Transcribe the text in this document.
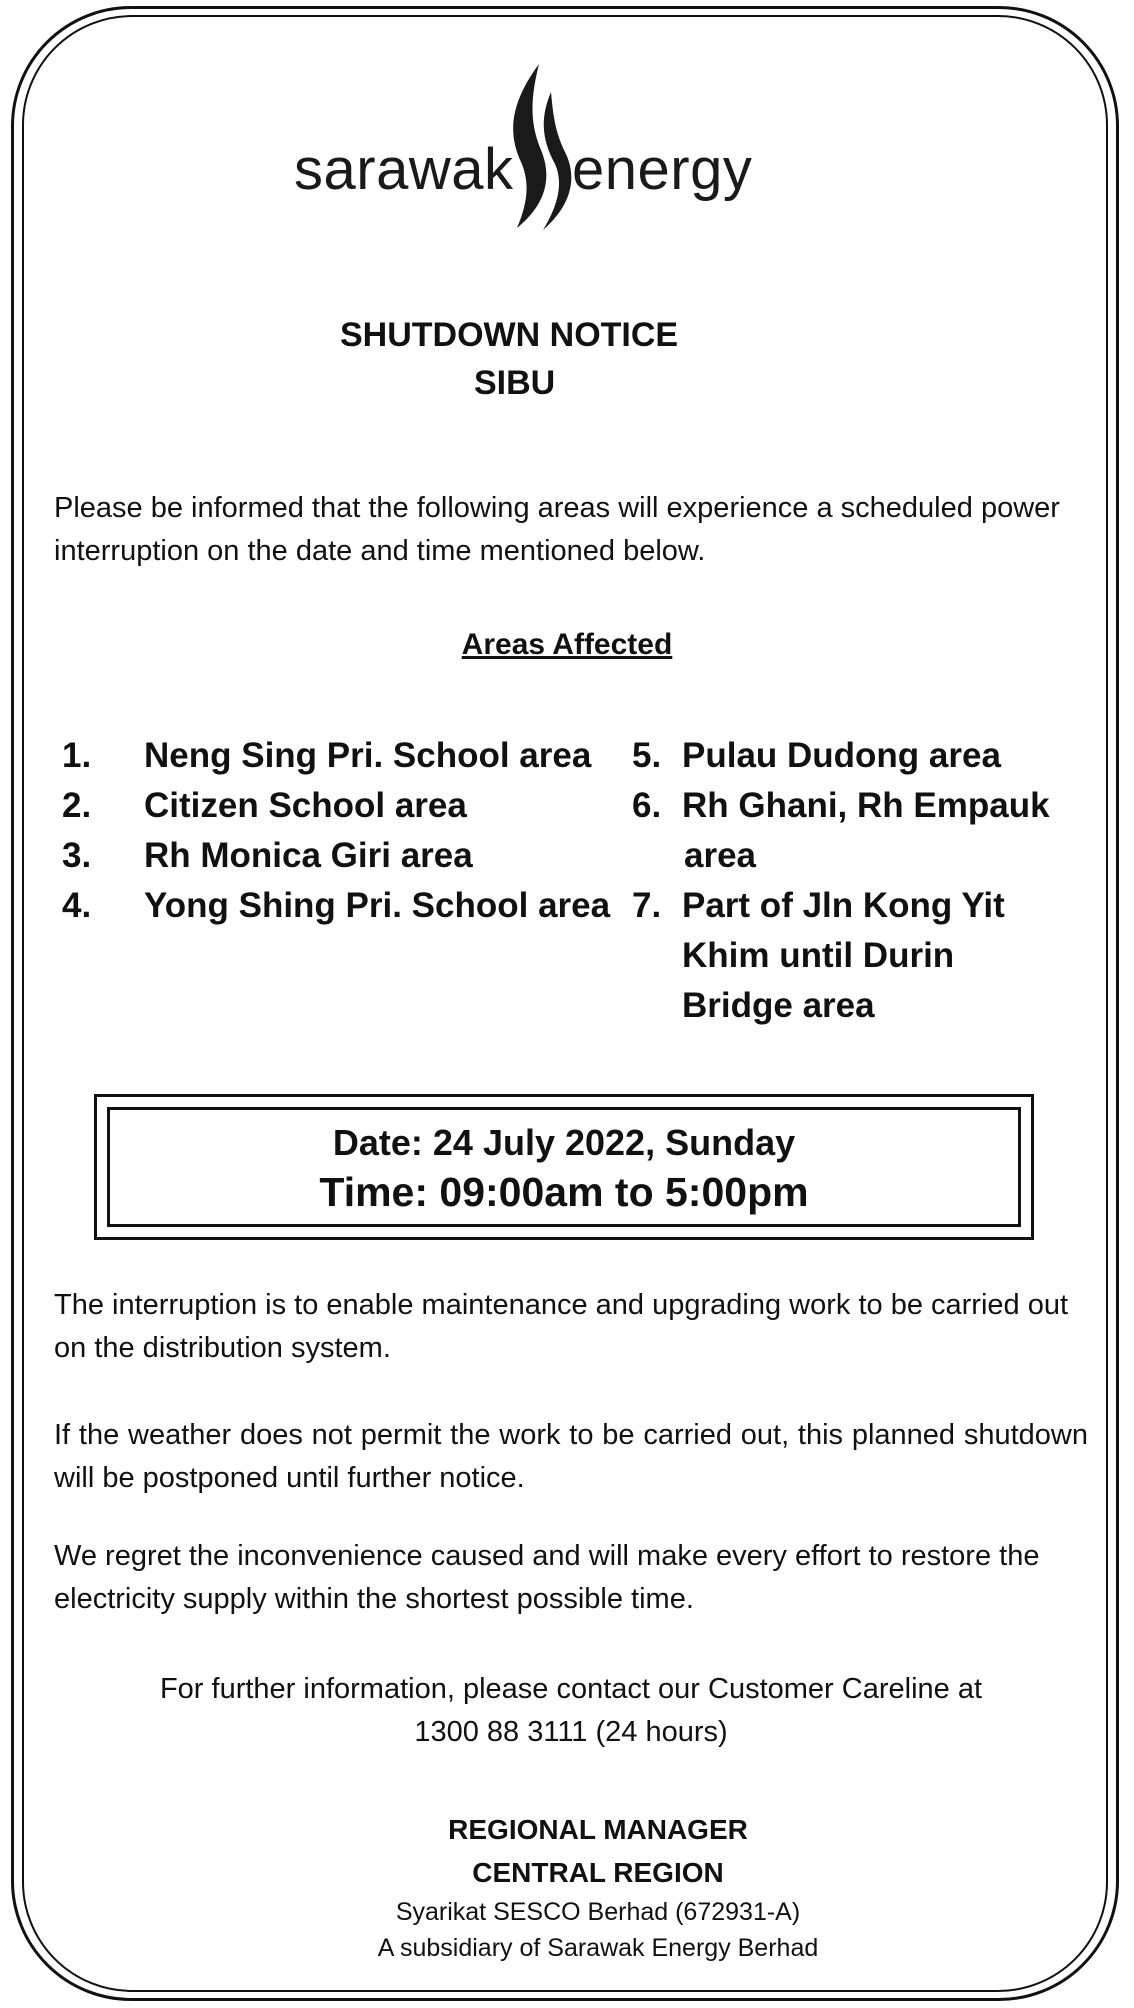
sarawak energy
SHUTDOWN NOTICE
SIBU
Please be informed that the following areas will experience a scheduled power interruption on the date and time mentioned below.
Areas Affected
1. Neng Sing Pri. School area
2. Citizen School area
3. Rh Monica Giri area
4. Yong Shing Pri. School area
5. Pulau Dudong area
6. Rh Ghani, Rh Empauk
area
7. Part of Jln Kong Yit
Khim until Durin
Bridge area
Date: 24 July 2022, Sunday
Time: 09:00am to 5:00pm
The interruption is to enable maintenance and upgrading work to be carried out on the distribution system.
If the weather does not permit the work to be carried out, this planned shutdown will be postponed until further notice.
We regret the inconvenience caused and will make every effort to restore the electricity supply within the shortest possible time.
For further information, please contact our Customer Careline at
1300 88 3111 (24 hours)
REGIONAL MANAGER
CENTRAL REGION
Syarikat SESCO Berhad (672931-A)
A subsidiary of Sarawak Energy Berhad
